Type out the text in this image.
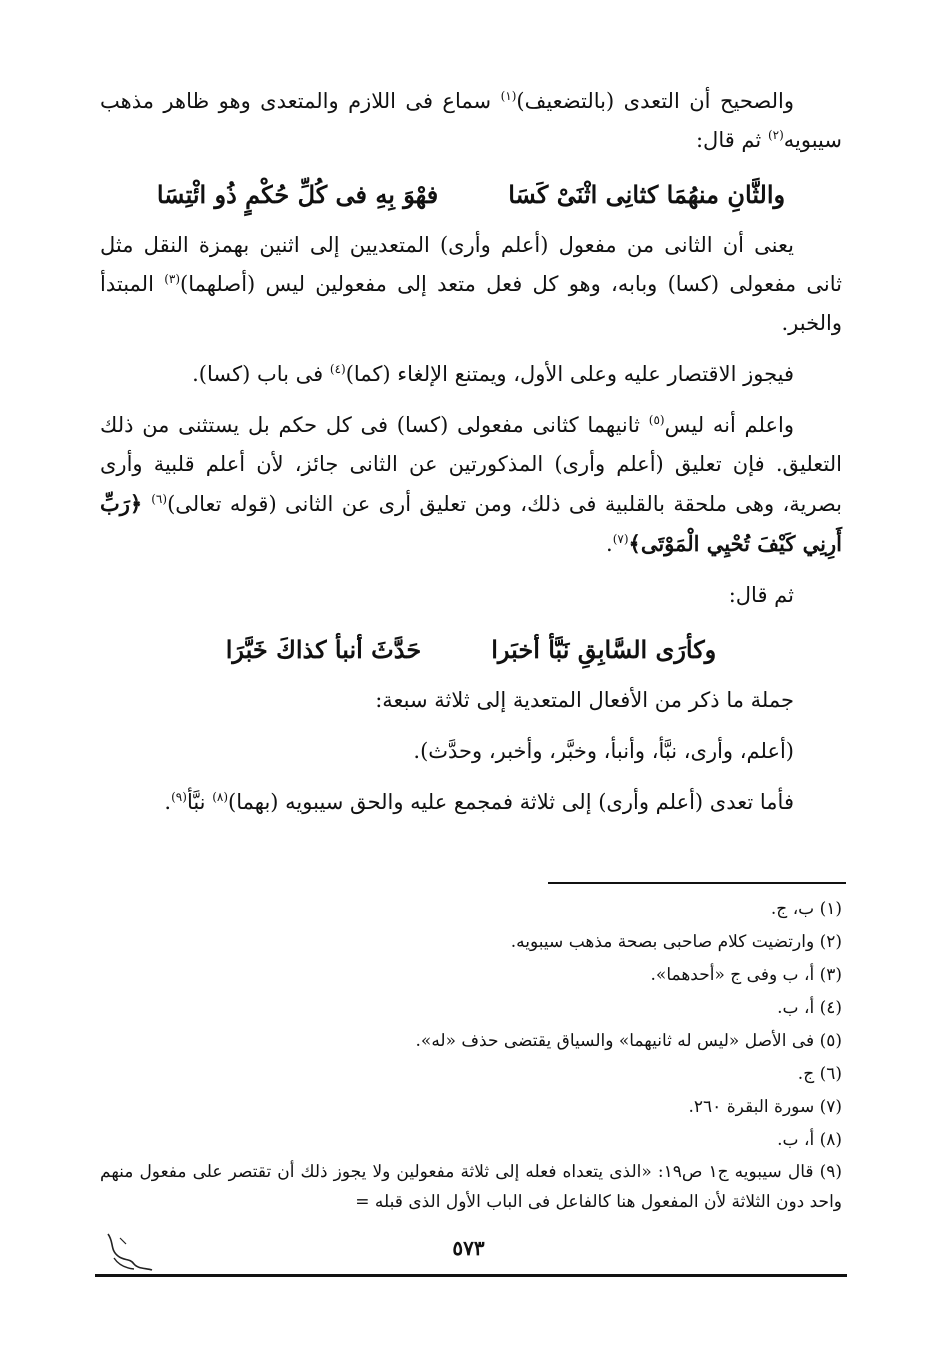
والصحيح أن التعدى (بالتضعيف)$^{(١)}$ سماع فى اللازم والمتعدى وهو ظاهر مذهب سيبويه$^{(٢)}$ ثم قال:

والثَّانِ منهُمَا كثانِى اثْنَىْ كَسَا
فهْوَ بِهِ فى كُلِّ حُكْمٍ ذُو ائْتِسَا

يعنى أن الثانى من مفعول (أعلم وأرى) المتعديين إلى اثنين بهمزة النقل مثل ثانى مفعولى (كسا) وبابه، وهو كل فعل متعد إلى مفعولين ليس (أصلهما)$^{(٣)}$ المبتدأ والخبر.

فيجوز الاقتصار عليه وعلى الأول، ويمتنع الإلغاء (كما)$^{(٤)}$ فى باب (كسا).

واعلم أنه ليس$^{(٥)}$ ثانيهما كثانى مفعولى (كسا) فى كل حكم بل يستثنى من ذلك التعليق. فإن تعليق (أعلم وأرى) المذكورتين عن الثانى جائز، لأن أعلم قلبية وأرى بصرية، وهى ملحقة بالقلبية فى ذلك، ومن تعليق أرى عن الثانى (قوله تعالى)$^{(٦)}$ ﴿رَبِّ أَرِنِي كَيْفَ تُحْيِي الْمَوْتَى﴾$^{(٧)}$.

ثم قال:

وكأرَى السَّابِقِ نَبَّأ أخبَرا
حَدَّثَ أنبأ كذاكَ خَبَّرَا

جملة ما ذكر من الأفعال المتعدية إلى ثلاثة سبعة:

(أعلم، وأرى، نبَّأ، وأنبأ، وخبَّر، وأخبر، وحدَّث).

فأما تعدى (أعلم وأرى) إلى ثلاثة فمجمع عليه والحق سيبويه (بهما)$^{(٨)}$ نبَّأ$^{(٩)}$.

(١) ب، ج.

(٢) وارتضيت كلام صاحبى بصحة مذهب سيبويه.

(٣) أ، ب وفى ج «أحدهما».

(٤) أ، ب.

(٥) فى الأصل «ليس له ثانيهما» والسياق يقتضى حذف «له».

(٦) ج.

(٧) سورة البقرة ٢٦٠.

(٨) أ، ب.

(٩) قال سيبويه ج١ ص١٩: «الذى يتعداه فعله إلى ثلاثة مفعولين ولا يجوز ذلك أن تقتصر على مفعول منهم واحد دون الثلاثة لأن المفعول هنا كالفاعل فى الباب الأول الذى قبله =

٥٧٣
